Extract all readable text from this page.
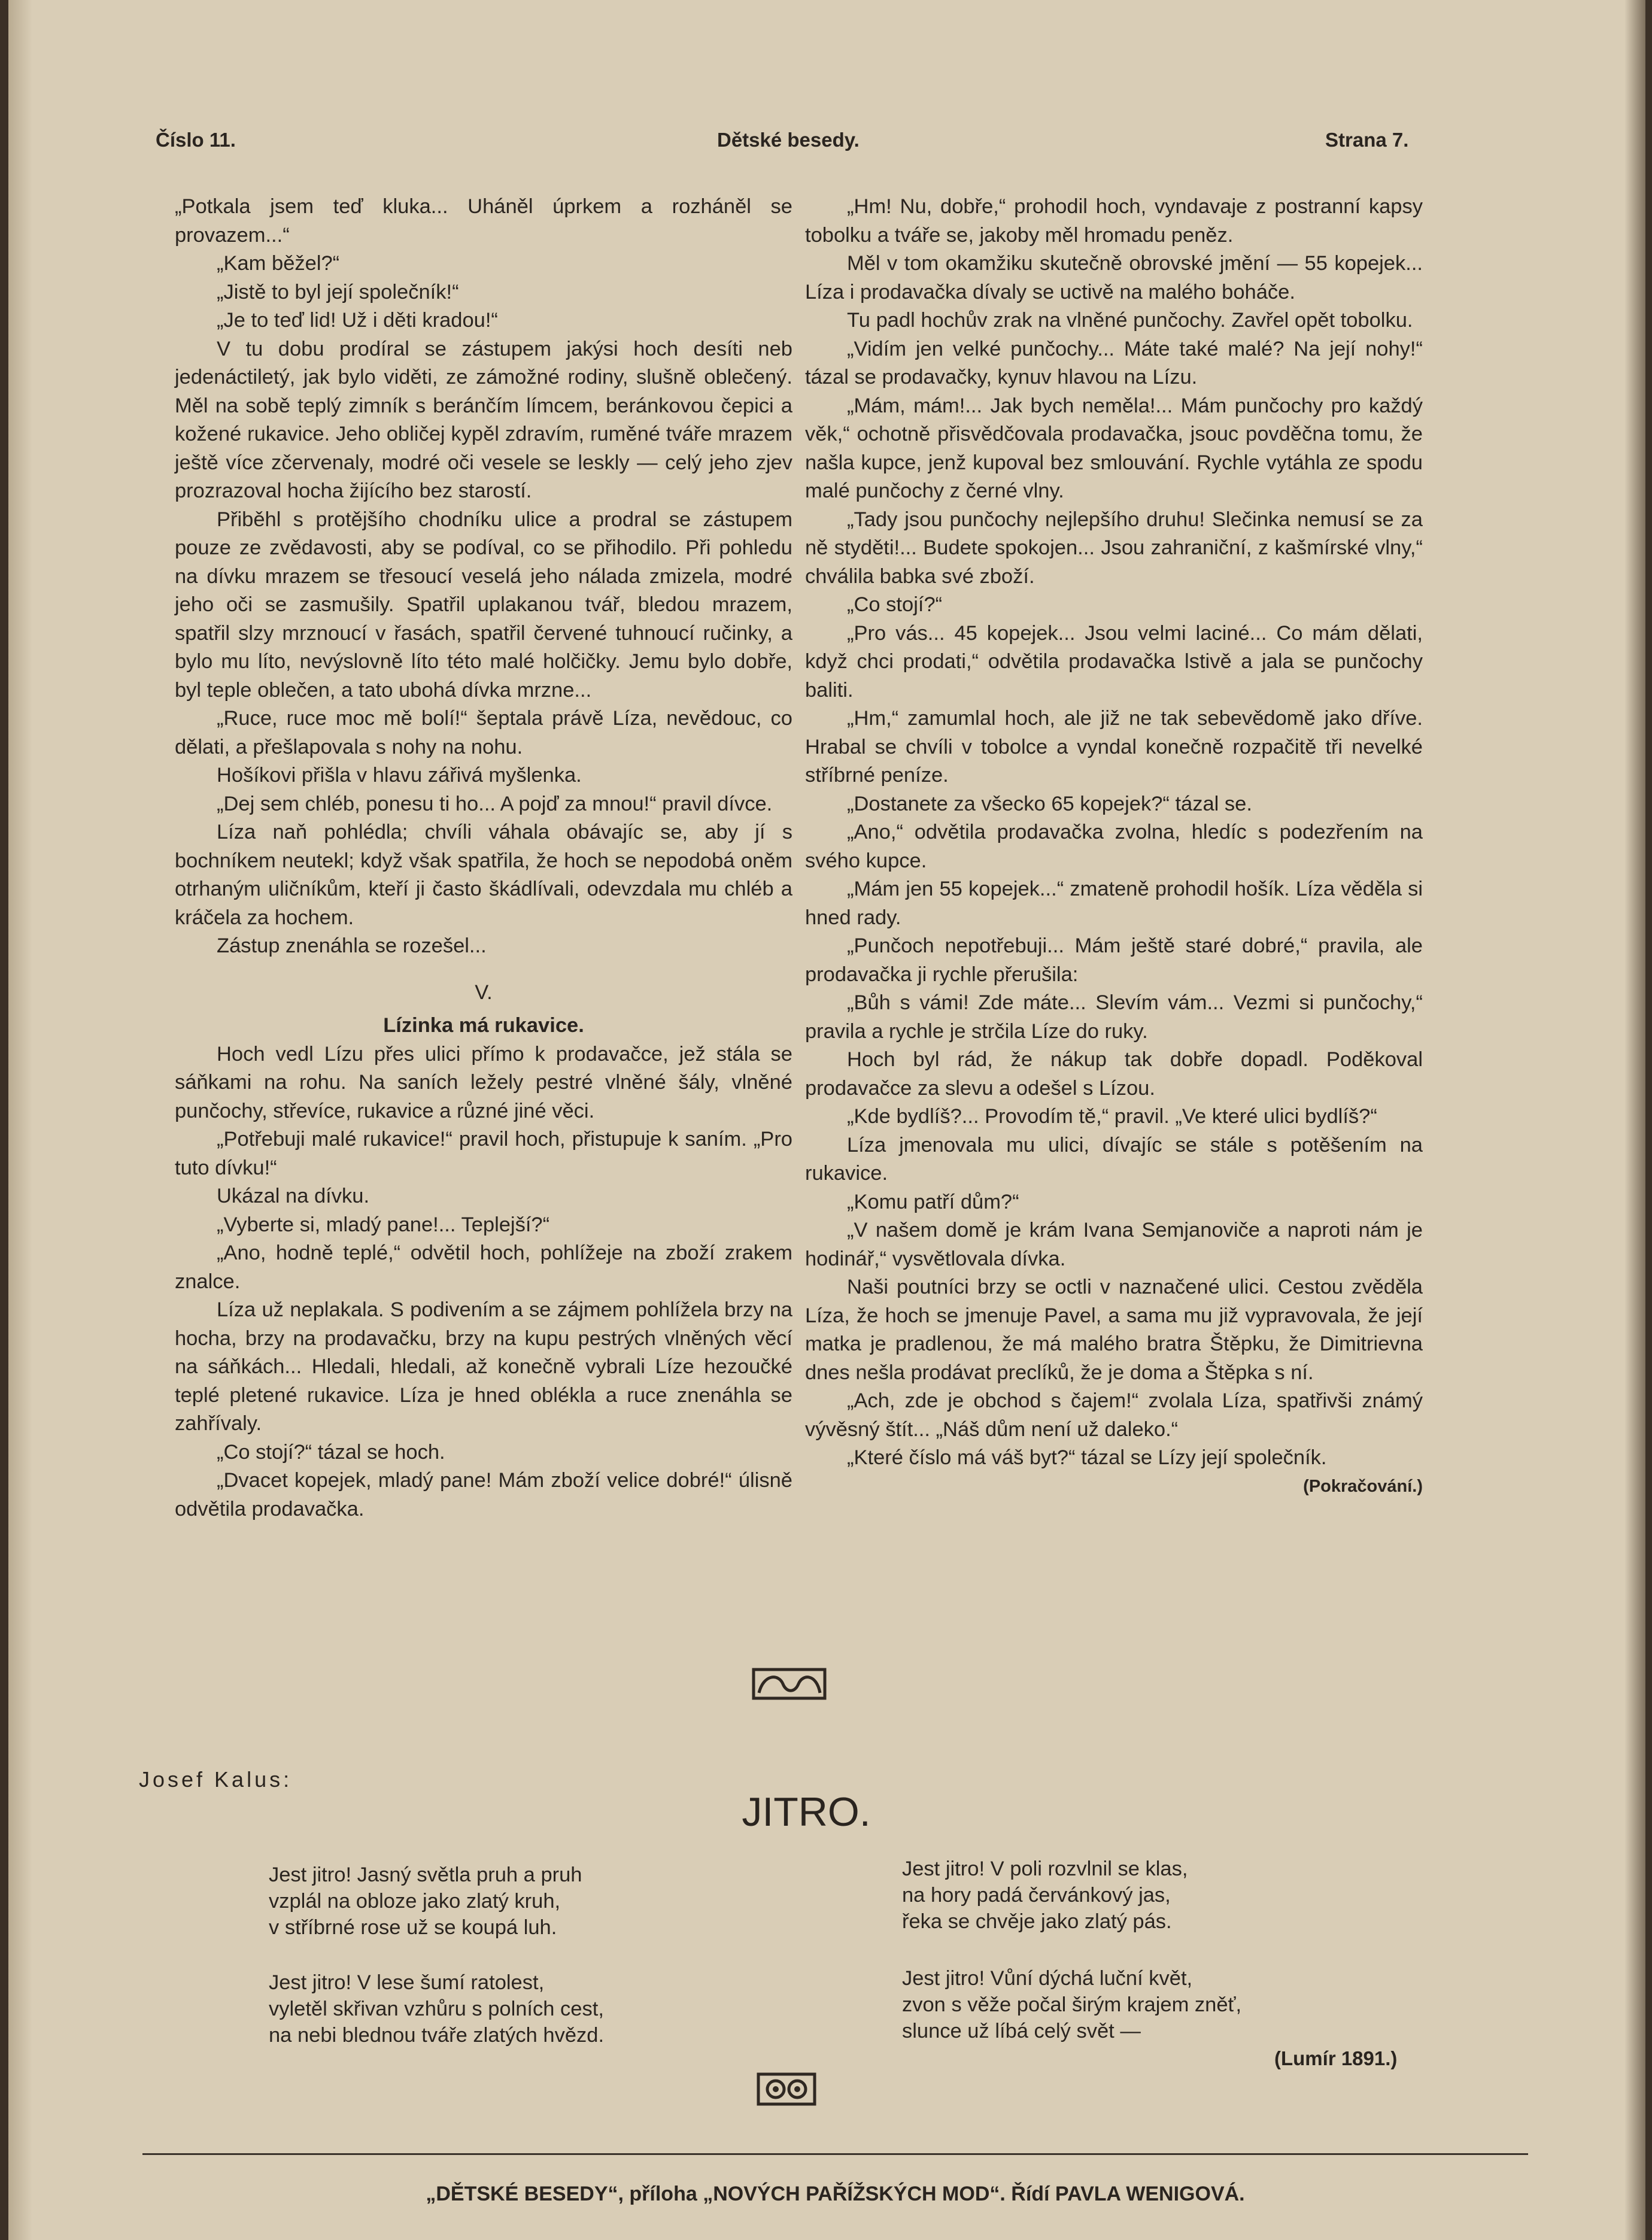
Číslo 11.	Dětské besedy.	Strana 7.

„Potkala jsem teď kluka... Uháněl úprkem a rozháněl se provazem...“

„Kam běžel?“

„Jistě to byl její společník!“

„Je to teď lid! Už i děti kradou!“

V tu dobu prodíral se zástupem jakýsi hoch desíti neb jedenáctiletý, jak bylo viděti, ze zámožné rodiny, slušně oblečený. Měl na sobě teplý zimník s beránčím límcem, beránkovou čepici a kožené rukavice. Jeho obličej kypěl zdravím, ruměné tváře mrazem ještě více zčervenaly, modré oči vesele se leskly — celý jeho zjev prozrazoval hocha žijícího bez starostí.

Přiběhl s protějšího chodníku ulice a prodral se zástupem pouze ze zvědavosti, aby se podíval, co se přihodilo. Při pohledu na dívku mrazem se třesoucí veselá jeho nálada zmizela, modré jeho oči se zasmušily. Spatřil uplakanou tvář, bledou mrazem, spatřil slzy mrznoucí v řasách, spatřil červené tuhnoucí ručinky, a bylo mu líto, nevýslovně líto této malé holčičky. Jemu bylo dobře, byl teple oblečen, a tato ubohá dívka mrzne...

„Ruce, ruce moc mě bolí!“ šeptala právě Líza, nevědouc, co dělati, a přešlapovala s nohy na nohu.

Hošíkovi přišla v hlavu zářivá myšlenka.

„Dej sem chléb, ponesu ti ho... A pojď za mnou!“ pravil dívce.

Líza naň pohlédla; chvíli váhala obávajíc se, aby jí s bochníkem neutekl; když však spatřila, že hoch se nepodobá oněm otrhaným uličníkům, kteří ji často škádlívali, odevzdala mu chléb a kráčela za hochem.

Zástup znenáhla se rozešel...

V.

Lízinka má rukavice.

Hoch vedl Lízu přes ulici přímo k prodavačce, jež stála se sáňkami na rohu. Na saních ležely pestré vlněné šály, vlněné punčochy, střevíce, rukavice a různé jiné věci.

„Potřebuji malé rukavice!“ pravil hoch, přistupuje k saním. „Pro tuto dívku!“

Ukázal na dívku.

„Vyberte si, mladý pane!... Teplejší?“

„Ano, hodně teplé,“ odvětil hoch, pohlížeje na zboží zrakem znalce.

Líza už neplakala. S podivením a se zájmem pohlížela brzy na hocha, brzy na prodavačku, brzy na kupu pestrých vlněných věcí na sáňkách... Hledali, hledali, až konečně vybrali Líze hezoučké teplé pletené rukavice. Líza je hned oblékla a ruce znenáhla se zahřívaly.

„Co stojí?“ tázal se hoch.

„Dvacet kopejek, mladý pane! Mám zboží velice dobré!“ úlisně odvětila prodavačka.

„Hm! Nu, dobře,“ prohodil hoch, vyndavaje z postranní kapsy tobolku a tváře se, jakoby měl hromadu peněz.

Měl v tom okamžiku skutečně obrovské jmění — 55 kopejek... Líza i prodavačka dívaly se uctivě na malého boháče.

Tu padl hochův zrak na vlněné punčochy. Zavřel opět tobolku.

„Vidím jen velké punčochy... Máte také malé? Na její nohy!“ tázal se prodavačky, kynuv hlavou na Lízu.

„Mám, mám!... Jak bych neměla!... Mám punčochy pro každý věk,“ ochotně přisvědčovala prodavačka, jsouc povděčna tomu, že našla kupce, jenž kupoval bez smlouvání. Rychle vytáhla ze spodu malé punčochy z černé vlny.

„Tady jsou punčochy nejlepšího druhu! Slečinka nemusí se za ně styděti!... Budete spokojen... Jsou zahraniční, z kašmírské vlny,“ chválila babka své zboží.

„Co stojí?“

„Pro vás... 45 kopejek... Jsou velmi laciné... Co mám dělati, když chci prodati,“ odvětila prodavačka lstivě a jala se punčochy baliti.

„Hm,“ zamumlal hoch, ale již ne tak sebevědomě jako dříve. Hrabal se chvíli v tobolce a vyndal konečně rozpačitě tři nevelké stříbrné peníze.

„Dostanete za všecko 65 kopejek?“ tázal se.

„Ano,“ odvětila prodavačka zvolna, hledíc s podezřením na svého kupce.

„Mám jen 55 kopejek...“ zmateně prohodil hošík. Líza věděla si hned rady.

„Punčoch nepotřebuji... Mám ještě staré dobré,“ pravila, ale prodavačka ji rychle přerušila:

„Bůh s vámi! Zde máte... Slevím vám... Vezmi si punčochy,“ pravila a rychle je strčila Líze do ruky.

Hoch byl rád, že nákup tak dobře dopadl. Poděkoval prodavačce za slevu a odešel s Lízou.

„Kde bydlíš?... Provodím tě,“ pravil. „Ve které ulici bydlíš?“

Líza jmenovala mu ulici, dívajíc se stále s potěšením na rukavice.

„Komu patří dům?“

„V našem domě je krám Ivana Semjanoviče a naproti nám je hodinář,“ vysvětlovala dívka.

Naši poutníci brzy se octli v naznačené ulici. Cestou zvěděla Líza, že hoch se jmenuje Pavel, a sama mu již vypravovala, že její matka je pradlenou, že má malého bratra Štěpku, že Dimitrievna dnes nešla prodávat preclíků, že je doma a Štěpka s ní.

„Ach, zde je obchod s čajem!“ zvolala Líza, spatřivši známý vývěsný štít... „Náš dům není už daleko.“

„Které číslo má váš byt?“ tázal se Lízy její společník.

(Pokračování.)

Josef Kalus:
JITRO.
Jest jitro! Jasný světla pruh a pruh
vzplál na obloze jako zlatý kruh,
v stříbrné rose už se koupá luh.
Jest jitro! V lese šumí ratolest,
vyletěl skřivan vzhůru s polních cest,
na nebi blednou tváře zlatých hvězd.
Jest jitro! V poli rozvlnil se klas,
na hory padá červánkový jas,
řeka se chvěje jako zlatý pás.
Jest jitro! Vůní dýchá luční květ,
zvon s věže počal širým krajem zněť,
slunce už líbá celý svět —
(Lumír 1891.)
„DĚTSKÉ BESEDY“, příloha „NOVÝCH PAŘÍŽSKÝCH MOD“. Řídí PAVLA WENIGOVÁ.
